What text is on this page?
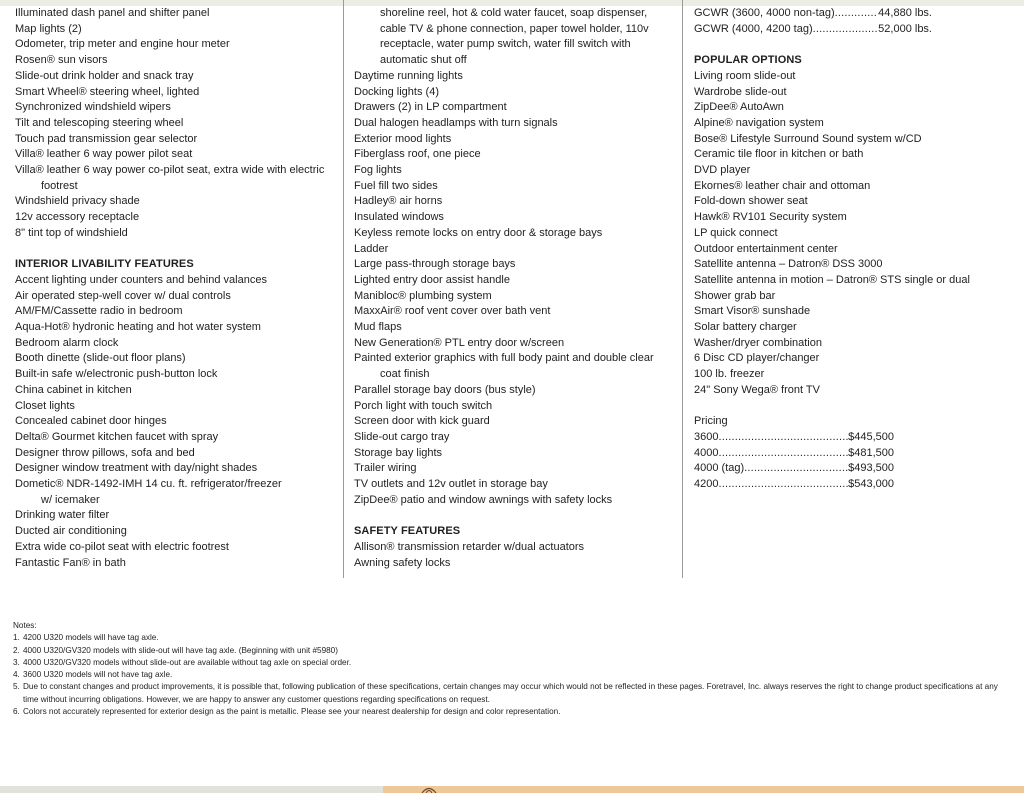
Illuminated dash panel and shifter panel

Map lights (2)

Odometer, trip meter and engine hour meter

Rosen® sun visors

Slide-out drink holder and snack tray

Smart Wheel® steering wheel, lighted

Synchronized windshield wipers

Tilt and telescoping steering wheel

Touch pad transmission gear selector

Villa® leather 6 way power pilot seat

Villa® leather 6 way power co-pilot seat, extra wide with electric

footrest

Windshield privacy shade

12v accessory receptacle

8" tint top of windshield

INTERIOR LIVABILITY FEATURES

Accent lighting under counters and behind valances

Air operated step-well cover w/ dual controls

AM/FM/Cassette radio in bedroom

Aqua-Hot® hydronic heating and hot water system

Bedroom alarm clock

Booth dinette (slide-out floor plans)

Built-in safe w/electronic push-button lock

China cabinet in kitchen

Closet lights

Concealed cabinet door hinges

Delta® Gourmet kitchen faucet with spray

Designer throw pillows, sofa and bed

Designer window treatment with day/night shades

Dometic® NDR-1492-IMH 14 cu. ft. refrigerator/freezer

w/ icemaker

Drinking water filter

Ducted air conditioning

Extra wide co-pilot seat with electric footrest

Fantastic Fan® in bath

shoreline reel, hot & cold water faucet, soap dispenser,

cable TV & phone connection, paper towel holder, 110v

receptacle, water pump switch, water fill switch with

automatic shut off

Daytime running lights

Docking lights (4)

Drawers (2) in LP compartment

Dual halogen headlamps with turn signals

Exterior mood lights

Fiberglass roof, one piece

Fog lights

Fuel fill two sides

Hadley® air horns

Insulated windows

Keyless remote locks on entry door & storage bays

Ladder

Large pass-through storage bays

Lighted entry door assist handle

Manibloc® plumbing system

MaxxAir® roof vent cover over bath vent

Mud flaps

New Generation® PTL entry door w/screen

Painted exterior graphics with full body paint and double clear

coat finish

Parallel storage bay doors (bus style)

Porch light with touch switch

Screen door with kick guard

Slide-out cargo tray

Storage bay lights

Trailer wiring

TV outlets and 12v outlet in storage bay

ZipDee® patio and window awnings with safety locks

SAFETY FEATURES

Allison® transmission retarder w/dual actuators

Awning safety locks

GCWR (3600, 4000 non-tag) .....	44,880 lbs.
GCWR (4000, 4200 tag) .....	52,000 lbs.

POPULAR OPTIONS

Living room slide-out

Wardrobe slide-out

ZipDee® AutoAwn

Alpine® navigation system

Bose® Lifestyle Surround Sound system w/CD

Ceramic tile floor in kitchen or bath

DVD player

Ekornes® leather chair and ottoman

Fold-down shower seat

Hawk® RV101 Security system

LP quick connect

Outdoor entertainment center

Satellite antenna – Datron® DSS 3000

Satellite antenna in motion – Datron® STS single or dual

Shower grab bar

Smart Visor® sunshade

Solar battery charger

Washer/dryer combination

6 Disc CD player/changer

100 lb. freezer

24" Sony Wega® front TV

Pricing

3600 .....	$445,500
4000 .....	$481,500
4000 (tag) .....	$493,500
4200 .....	$543,000

Notes:

1. 4200 U320 models will have tag axle.
2. 4000 U320/GV320 models with slide-out will have tag axle. (Beginning with unit #5980)
3. 4000 U320/GV320 models without slide-out are available without tag axle on special order.
4. 3600 U320 models will not have tag axle.
5. Due to constant changes and product improvements, it is possible that, following publication of these specifications, certain changes may occur which would not be reflected in these pages. Foretravel, Inc. always reserves the right to change product specifications at any time without incurring obligations. However, we are happy to answer any customer questions regarding specifications on request.
6. Colors not accurately represented for exterior design as the paint is metallic. Please see your nearest dealership for design and color representation.
